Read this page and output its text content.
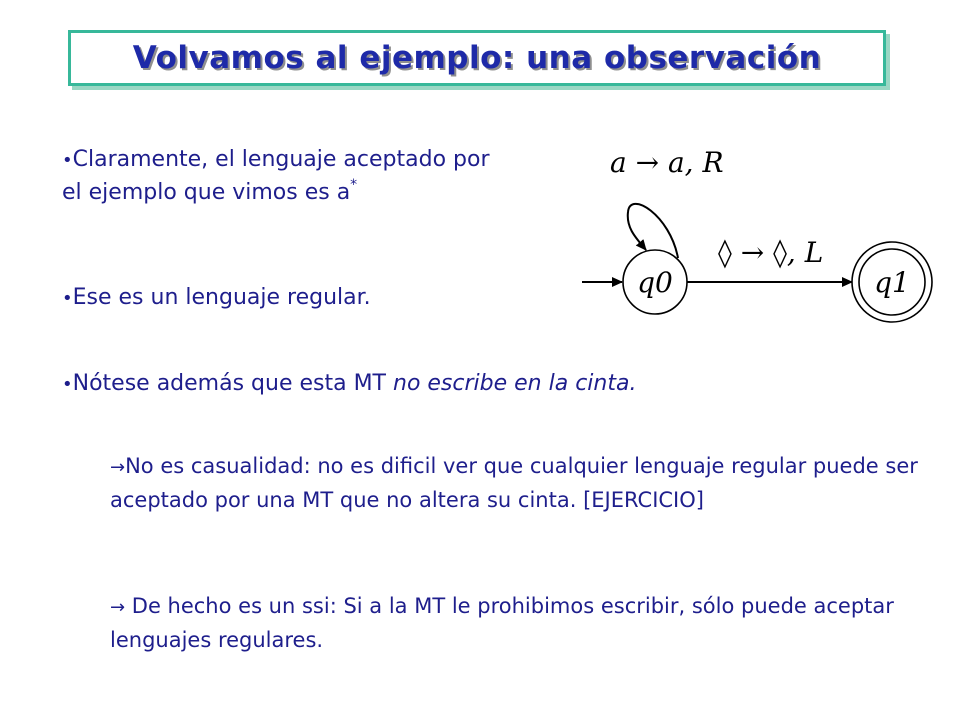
Volvamos al ejemplo: una observación
•Claramente, el lenguaje aceptado por el ejemplo que vimos es a*
•Ese es un lenguaje regular.
•Nótese además que esta MT no escribe en la cinta.
→No es casualidad: no es dificil ver que cualquier lenguaje regular puede ser aceptado por una MT que no altera su cinta. [EJERCICIO]
→ De hecho es un ssi: Si a la MT le prohibimos escribir, sólo puede aceptar lenguajes regulares.
a → a, R
q0
◊ → ◊, L
q1
